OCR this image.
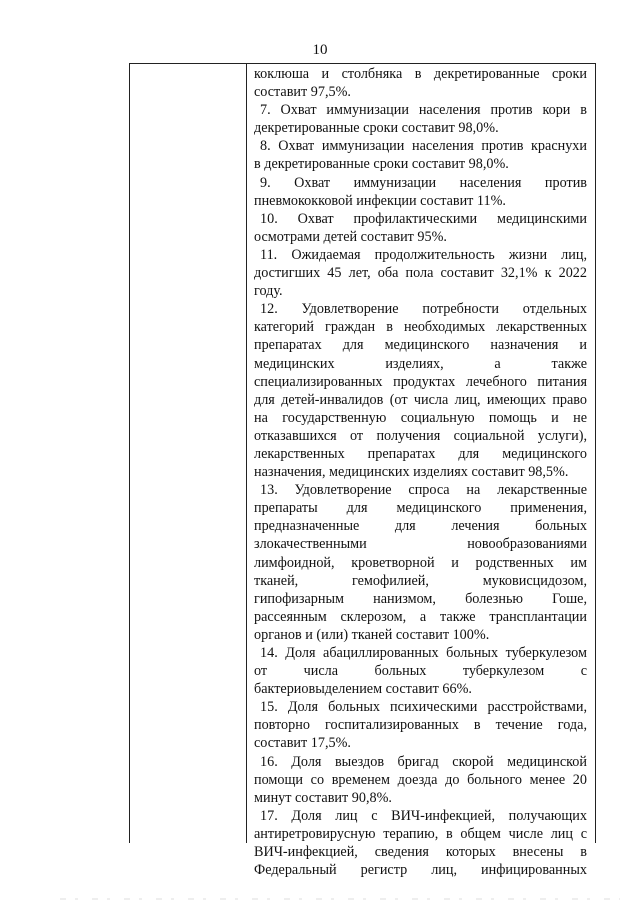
10
коклюша и столбняка в декретированные сроки
составит 97,5%.
7. Охват иммунизации населения против кори в
декретированные сроки составит 98,0%.
8. Охват иммунизации населения против краснухи
в декретированные сроки составит 98,0%.
9. Охват иммунизации населения против
пневмококковой инфекции составит 11%.
10. Охват профилактическими медицинскими
осмотрами детей составит 95%.
11. Ожидаемая продолжительность жизни лиц,
достигших 45 лет, оба пола составит 32,1% к 2022
году.
12. Удовлетворение потребности отдельных
категорий граждан в необходимых лекарственных
препаратах для медицинского назначения и
медицинских изделиях, а также
специализированных продуктах лечебного питания
для детей-инвалидов (от числа лиц, имеющих право
на государственную социальную помощь и не
отказавшихся от получения социальной услуги),
лекарственных препаратах для медицинского
назначения, медицинских изделиях составит 98,5%.
13. Удовлетворение спроса на лекарственные
препараты для медицинского применения,
предназначенные для лечения больных
злокачественными новообразованиями
лимфоидной, кроветворной и родственных им
тканей, гемофилией, муковисцидозом,
гипофизарным нанизмом, болезнью Гоше,
рассеянным склерозом, а также трансплантации
органов и (или) тканей составит 100%.
14. Доля абациллированных больных туберкулезом
от числа больных туберкулезом с
бактериовыделением составит 66%.
15. Доля больных психическими расстройствами,
повторно госпитализированных в течение года,
составит 17,5%.
16. Доля выездов бригад скорой медицинской
помощи со временем доезда до больного менее 20
минут составит 90,8%.
17. Доля лиц с ВИЧ-инфекцией, получающих
антиретровирусную терапию, в общем числе лиц с
ВИЧ-инфекцией, сведения которых внесены в
Федеральный регистр лиц, инфицированных
